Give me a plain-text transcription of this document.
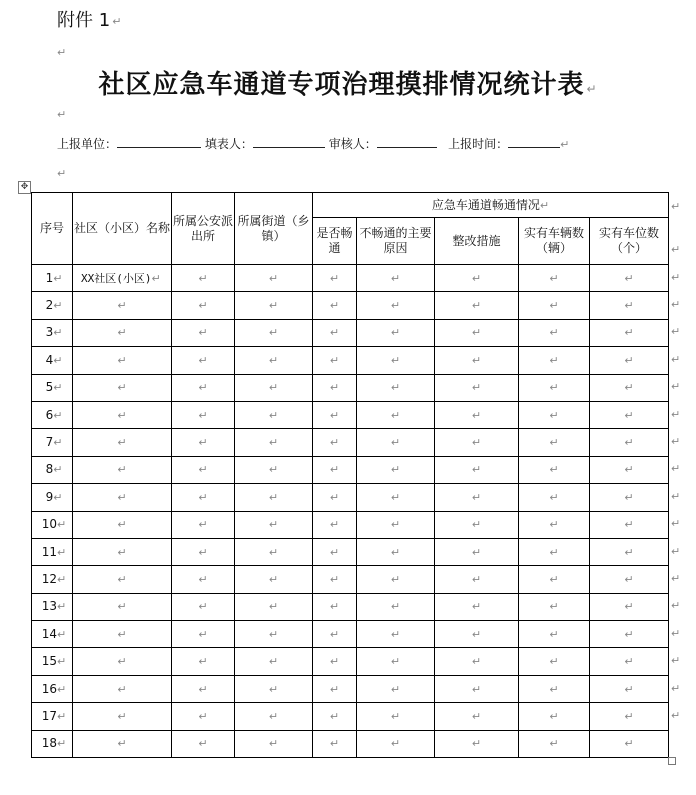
附件 1 ↵
↵
社区应急车通道专项治理摸排情况统计表 ↵
↵
上报单位：	填表人：	审核人：	上报时间：	↵
↵
✥
序号	社区（小区）名称	所属公安派出所	所属街道（乡镇）	应急车通道畅通情况↵				
				是否畅通	不畅通的主要原因	整改措施	实有车辆数（辆）	实有车位数（个）
1↵	XX社区(小区)↵	↵	↵	↵	↵	↵	↵	↵
2↵	↵	↵	↵	↵	↵	↵	↵	↵
3↵	↵	↵	↵	↵	↵	↵	↵	↵
4↵	↵	↵	↵	↵	↵	↵	↵	↵
5↵	↵	↵	↵	↵	↵	↵	↵	↵
6↵	↵	↵	↵	↵	↵	↵	↵	↵
7↵	↵	↵	↵	↵	↵	↵	↵	↵
8↵	↵	↵	↵	↵	↵	↵	↵	↵
9↵	↵	↵	↵	↵	↵	↵	↵	↵
10↵	↵	↵	↵	↵	↵	↵	↵	↵
11↵	↵	↵	↵	↵	↵	↵	↵	↵
12↵	↵	↵	↵	↵	↵	↵	↵	↵
13↵	↵	↵	↵	↵	↵	↵	↵	↵
14↵	↵	↵	↵	↵	↵	↵	↵	↵
15↵	↵	↵	↵	↵	↵	↵	↵	↵
16↵	↵	↵	↵	↵	↵	↵	↵	↵
17↵	↵	↵	↵	↵	↵	↵	↵	↵
18↵	↵	↵	↵	↵	↵	↵	↵	↵
↵
↵
↵
↵
↵
↵
↵
↵
↵
↵
↵
↵
↵
↵
↵
↵
↵
↵
↵
